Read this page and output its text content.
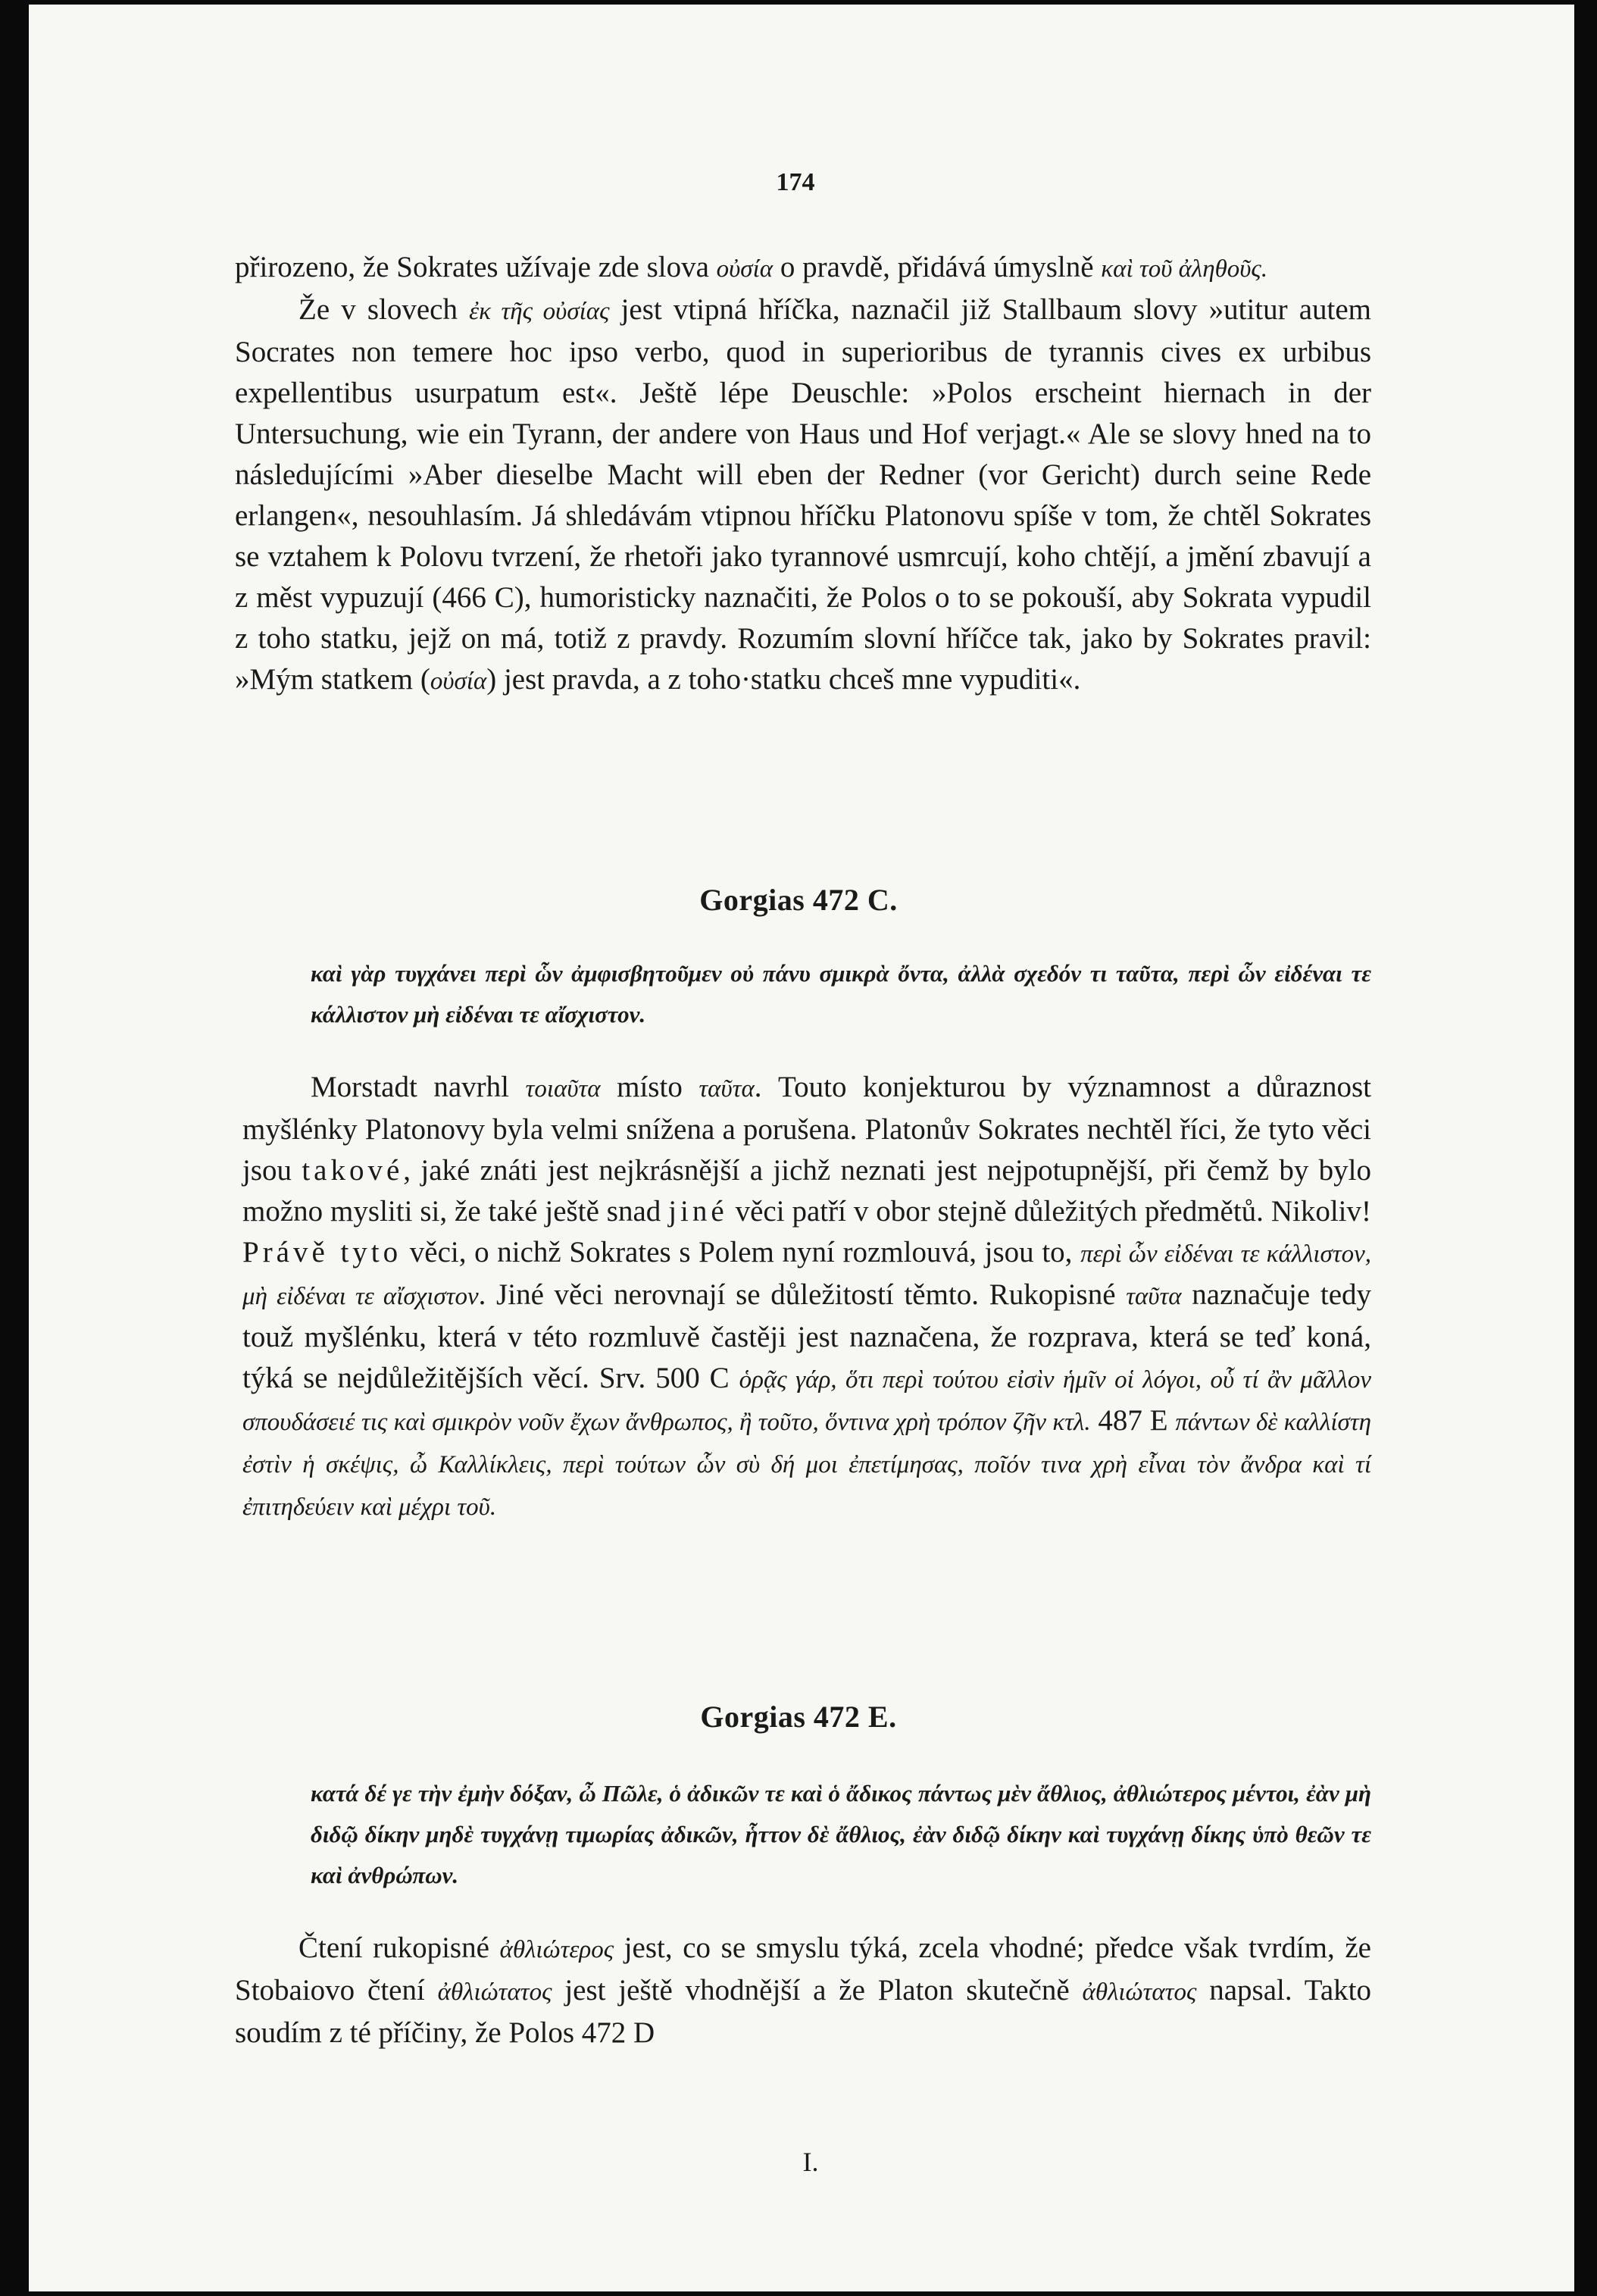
174

přirozeno, že Sokrates užívaje zde slova οὐσία o pravdě, přidává úmyslně καὶ τοῦ ἀληθοῦς.

Že v slovech ἐκ τῆς οὐσίας jest vtipná hříčka, naznačil již Stallbaum slovy »utitur autem Socrates non temere hoc ipso verbo, quod in superioribus de tyrannis cives ex urbibus expellentibus usurpatum est«. Ještě lépe Deuschle: »Polos erscheint hiernach in der Untersuchung, wie ein Tyrann, der andere von Haus und Hof verjagt.« Ale se slovy hned na to následujícími »Aber dieselbe Macht will eben der Redner (vor Gericht) durch seine Rede erlangen«, nesouhlasím. Já shledávám vtipnou hříčku Platonovu spíše v tom, že chtěl Sokrates se vztahem k Polovu tvrzení, že rhetoři jako tyrannové usmrcují, koho chtějí, a jmění zbavují a z měst vypuzují (466 C), humoristicky naznačiti, že Polos o to se pokouší, aby Sokrata vypudil z toho statku, jejž on má, totiž z pravdy. Rozumím slovní hříčce tak, jako by Sokrates pravil: »Mým statkem (οὐσία) jest pravda, a z toho·statku chceš mne vypuditi«.

Gorgias 472 C.
καὶ γὰρ τυγχάνει περὶ ὧν ἀμφισβητοῦμεν οὐ πάνυ σμικρὰ ὄντα, ἀλλὰ σχεδόν τι ταῦτα, περὶ ὧν εἰδέναι τε κάλλιστον μὴ εἰδέναι τε αἴσχιστον.

Morstadt navrhl τοιαῦτα místo ταῦτα. Touto konjekturou by významnost a důraznost myšlénky Platonovy byla velmi snížena a porušena. Platonův Sokrates nechtěl říci, že tyto věci jsou takové, jaké znáti jest nejkrásnější a jichž neznati jest nejpotupnější, při čemž by bylo možno mysliti si, že také ještě snad jiné věci patří v obor stejně důležitých předmětů. Nikoliv! Právě tyto věci, o nichž Sokrates s Polem nyní rozmlouvá, jsou to, περὶ ὧν εἰδέναι τε κάλλιστον, μὴ εἰδέναι τε αἴσχιστον. Jiné věci nerovnají se důležitostí těmto. Rukopisné ταῦτα naznačuje tedy touž myšlénku, která v této rozmluvě častěji jest naznačena, že rozprava, která se teď koná, týká se nejdůležitějších věcí. Srv. 500 C ὁρᾷς γάρ, ὅτι περὶ τούτου εἰσὶν ἡμῖν οἱ λόγοι, οὗ τί ἂν μᾶλλον σπουδάσειέ τις καὶ σμικρὸν νοῦν ἔχων ἄνθρωπος, ἢ τοῦτο, ὅντινα χρὴ τρόπον ζῆν κτλ. 487 E πάντων δὲ καλλίστη ἐστὶν ἡ σκέψις, ὦ Καλλίκλεις, περὶ τούτων ὧν σὺ δή μοι ἐπετίμησας, ποῖόν τινα χρὴ εἶναι τὸν ἄνδρα καὶ τί ἐπιτηδεύειν καὶ μέχρι τοῦ.

Gorgias 472 E.
κατά δέ γε τὴν ἐμὴν δόξαν, ὦ Πῶλε, ὁ ἀδικῶν τε καὶ ὁ ἄδικος πάντως μὲν ἄθλιος, ἀθλιώτερος μέντοι, ἐὰν μὴ διδῷ δίκην μηδὲ τυγχάνῃ τιμωρίας ἀδικῶν, ἧττον δὲ ἄθλιος, ἐὰν διδῷ δίκην καὶ τυγχάνῃ δίκης ὑπὸ θεῶν τε καὶ ἀνθρώπων.

Čtení rukopisné ἀθλιώτερος jest, co se smyslu týká, zcela vhodné; předce však tvrdím, že Stobaiovo čtení ἀθλιώτατος jest ještě vhodnější a že Platon skutečně ἀθλιώτατος napsal. Takto soudím z té příčiny, že Polos 472 D

I.
